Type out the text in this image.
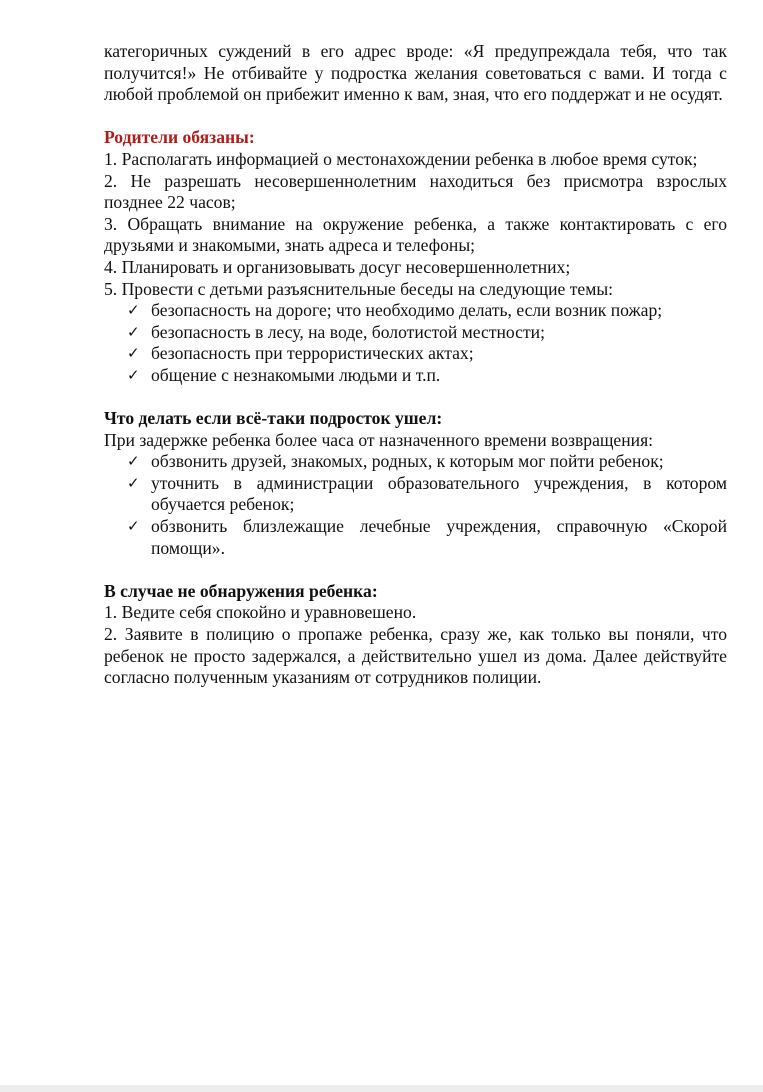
категоричных суждений в его адрес вроде: «Я предупреждала тебя, что так получится!» Не отбивайте у подростка желания советоваться с вами. И тогда с любой проблемой он прибежит именно к вам, зная, что его поддержат и не осудят.

Родители обязаны:

1. Располагать информацией о местонахождении ребенка в любое время суток;
2. Не разрешать несовершеннолетним находиться без присмотра взрослых позднее 22 часов;
3. Обращать внимание на окружение ребенка, а также контактировать с его друзьями и знакомыми, знать адреса и телефоны;
4. Планировать и организовывать досуг несовершеннолетних;
5. Провести с детьми разъяснительные беседы на следующие темы:
✓ безопасность на дороге; что необходимо делать, если возник пожар;
✓ безопасность в лесу, на воде, болотистой местности;
✓ безопасность при террористических актах;
✓ общение с незнакомыми людьми и т.п.

Что делать если всё-таки подросток ушел:

При задержке ребенка более часа от назначенного времени возвращения:

✓ обзвонить друзей, знакомых, родных, к которым мог пойти ребенок;
✓ уточнить в администрации образовательного учреждения, в котором обучается ребенок;
✓ обзвонить близлежащие лечебные учреждения, справочную «Скорой помощи».

В случае не обнаружения ребенка:

1. Ведите себя спокойно и уравновешено.
2. Заявите в полицию о пропаже ребенка, сразу же, как только вы поняли, что ребенок не просто задержался, а действительно ушел из дома. Далее действуйте согласно полученным указаниям от сотрудников полиции.
